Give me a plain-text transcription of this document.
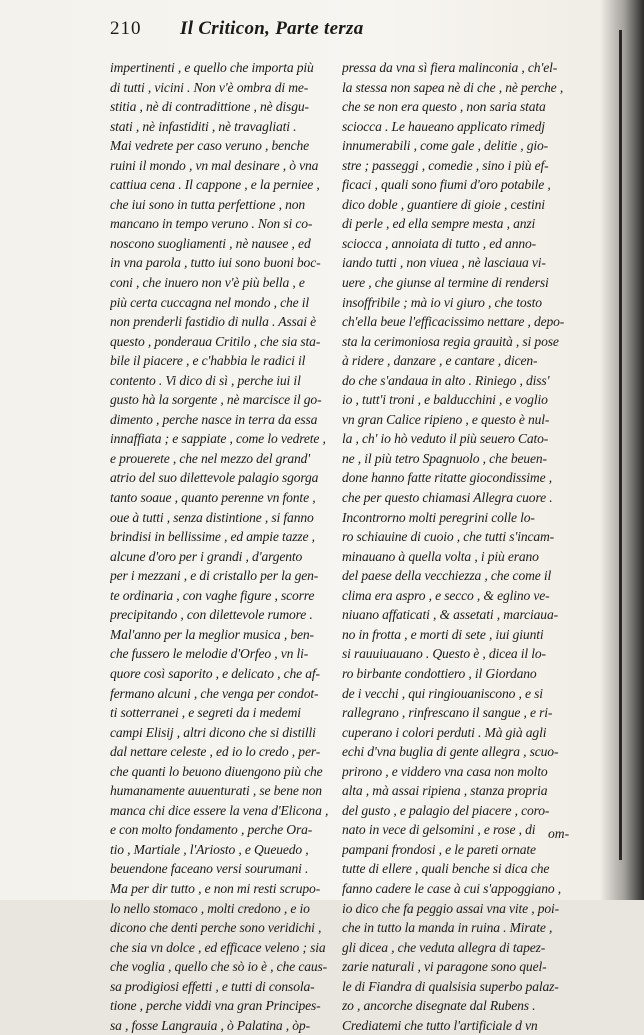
210	Il Criticon, Parte terza
impertinenti , e quello che importa più
di tutti , vicini . Non v'è ombra di me-
stitia , nè di contradittione , nè disgu-
stati , nè infastiditi , nè travagliati .
Mai vedrete per caso veruno , benche
ruini il mondo , vn mal desinare , ò vna
cattiua cena . Il cappone , e la perniee ,
che iui sono in tutta perfettione , non
mancano in tempo veruno . Non si co-
noscono suogliamenti , nè nausee , ed
in vna parola , tutto iui sono buoni boc-
coni , che inuero non v'è più bella , e
più certa cuccagna nel mondo , che il
non prenderli fastidio di nulla . Assai è
questo , ponderaua Critilo , che sia sta-
bile il piacere , e c'habbia le radici il
contento . Vi dico di sì , perche iui il
gusto hà la sorgente , nè marcisce il go-
dimento , perche nasce in terra da essa
innaffiata ; e sappiate , come lo vedrete ,
e prouerete , che nel mezzo del grand'
atrio del suo dilettevole palagio sgorga
tanto soaue , quanto perenne vn fonte ,
oue à tutti , senza distintione , si fanno
brindisi in bellissime , ed ampie tazze ,
alcune d'oro per i grandi , d'argento
per i mezzani , e di cristallo per la gen-
te ordinaria , con vaghe figure , scorre
precipitando , con dilettevole rumore .
Mal'anno per la meglior musica , ben-
che fussero le melodie d'Orfeo , vn li-
quore così saporito , e delicato , che af-
fermano alcuni , che venga per condot-
ti sotterranei , e segreti da i medemi
campi Elisij , altri dicono che si distilli
dal nettare celeste , ed io lo credo , per-
che quanti lo beuono diuengono più che
humanamente auuenturati , se bene non
manca chi dice essere la vena d'Elicona ,
e con molto fondamento , perche Ora-
tio , Martiale , l'Ariosto , e Queuedo ,
beuendone faceano versi sourumani .
Ma per dir tutto , e non mi resti scrupo-
lo nello stomaco , molti credono , e io
dicono che denti perche sono veridichi ,
che sia vn dolce , ed efficace veleno ; sia
che voglia , quello che sò io è , che caus-
sa prodigiosi effetti , e tutti di consola-
tione , perche viddi vna gran Principes-
sa , fosse Langrauia , ò Palatina , òp-
pressa da vna sì fiera malinconia , ch'el-
la stessa non sapea nè di che , nè perche ,
che se non era questo , non saria stata
sciocca . Le haueano applicato rimedj
innumerabili , come gale , delitie , gio-
stre ; passeggi , comedie , sino i più ef-
ficaci , quali sono fiumi d'oro potabile ,
dico doble , guantiere di gioie , cestini
di perle , ed ella sempre mesta , anzi
sciocca , annoiata di tutto , ed anno-
iando tutti , non viuea , nè lasciaua vi-
uere , che giunse al termine di rendersi
insoffribile ; mà io vi giuro , che tosto
ch'ella beue l'efficacissimo nettare , depo-
sta la cerimoniosa regia grauità , si pose
à ridere , danzare , e cantare , dicen-
do che s'andaua in alto . Riniego , diss'
io , tutt'i troni , e balducchini , e voglio
vn gran Calice ripieno , e questo è nul-
la , ch' io hò veduto il più seuero Cato-
ne , il più tetro Spagnuolo , che beuen-
done hanno fatte ritatte giocondissime ,
che per questo chiamasi Allegra cuore .
Incontrorno molti peregrini colle lo-
ro schiauine di cuoio , che tutti s'incam-
minauano à quella volta , i più erano
del paese della vecchiezza , che come il
clima era aspro , e secco , & eglino ve-
niuano affaticati , & assetati , marciaua-
no in frotta , e morti di sete , iui giunti
si rauuiuauano . Questo è , dicea il lo-
ro birbante condottiero , il Giordano
de i vecchi , qui ringiouaniscono , e si
rallegrano , rinfrescano il sangue , e ri-
cuperano i colori perduti . Mà già agli
echi d'vna buglia di gente allegra , scuo-
prirono , e viddero vna casa non molto
alta , mà assai ripiena , stanza propria
del gusto , e palagio del piacere , coro-
nato in vece di gelsomini , e rose , di
pampani frondosi , e le pareti ornate
tutte di ellere , quali benche si dica che
fanno cadere le case à cui s'appoggiano ,
io dico che fa peggio assai vna vite , poi-
che in tutto la manda in ruina . Mirate ,
gli dicea , che veduta allegra di tapez-
zarie naturali , vi paragone sono quel-
le di Fiandra di qualsisia superbo palaz-
zo , ancorche disegnate dal Rubens .
Crediatemi che tutto l'artificiale d vn
om-
